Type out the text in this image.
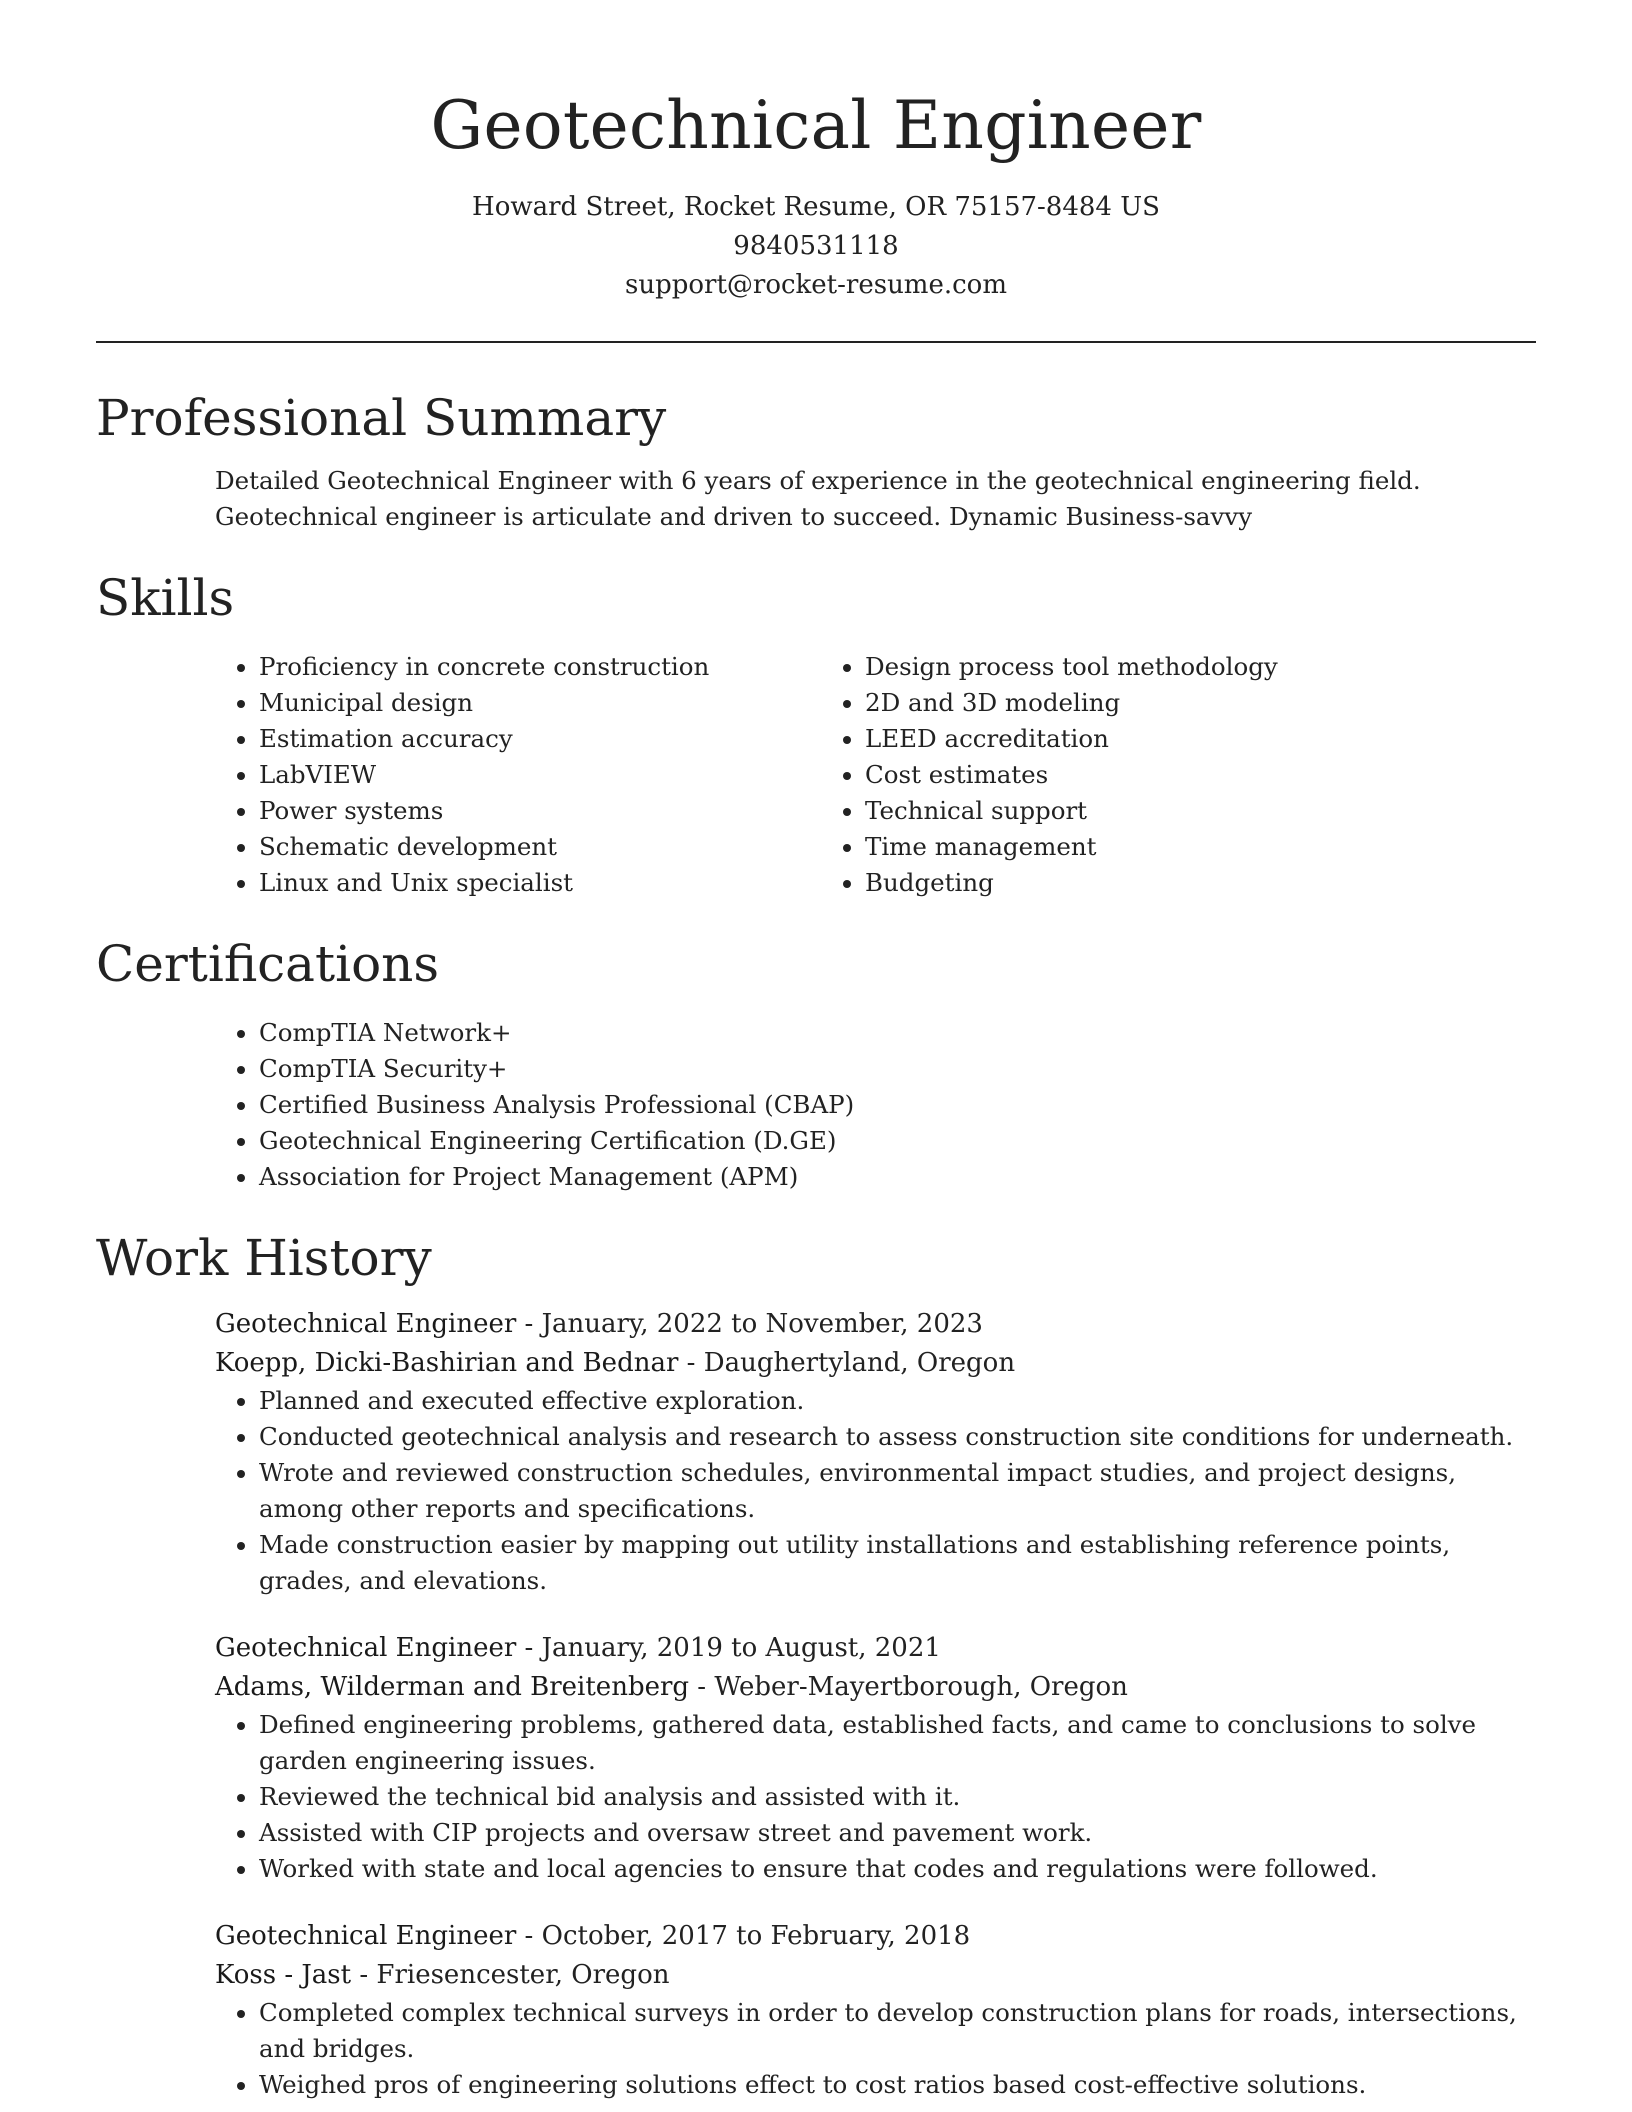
Geotechnical Engineer
Howard Street, Rocket Resume, OR 75157-8484 US
9840531118
support@rocket-resume.com
Professional Summary

Detailed Geotechnical Engineer with 6 years of experience in the geotechnical engineering field. Geotechnical engineer is articulate and driven to succeed. Dynamic Business-savvy

Skills
• Proficiency in concrete construction
• Municipal design
• Estimation accuracy
• LabVIEW
• Power systems
• Schematic development
• Linux and Unix specialist
• Design process tool methodology
• 2D and 3D modeling
• LEED accreditation
• Cost estimates
• Technical support
• Time management
• Budgeting
Certifications
• CompTIA Network+
• CompTIA Security+
• Certified Business Analysis Professional (CBAP)
• Geotechnical Engineering Certification (D.GE)
• Association for Project Management (APM)
Work History
Geotechnical Engineer - January, 2022 to November, 2023
Koepp, Dicki-Bashirian and Bednar - Daughertyland, Oregon
• Planned and executed effective exploration.
• Conducted geotechnical analysis and research to assess construction site conditions for underneath.
• Wrote and reviewed construction schedules, environmental impact studies, and project designs, among other reports and specifications.
• Made construction easier by mapping out utility installations and establishing reference points, grades, and elevations.
Geotechnical Engineer - January, 2019 to August, 2021
Adams, Wilderman and Breitenberg - Weber-Mayertborough, Oregon
• Defined engineering problems, gathered data, established facts, and came to conclusions to solve garden engineering issues.
• Reviewed the technical bid analysis and assisted with it.
• Assisted with CIP projects and oversaw street and pavement work.
• Worked with state and local agencies to ensure that codes and regulations were followed.
Geotechnical Engineer - October, 2017 to February, 2018
Koss - Jast - Friesencester, Oregon
• Completed complex technical surveys in order to develop construction plans for roads, intersections, and bridges.
• Weighed pros of engineering solutions effect to cost ratios based cost-effective solutions.
